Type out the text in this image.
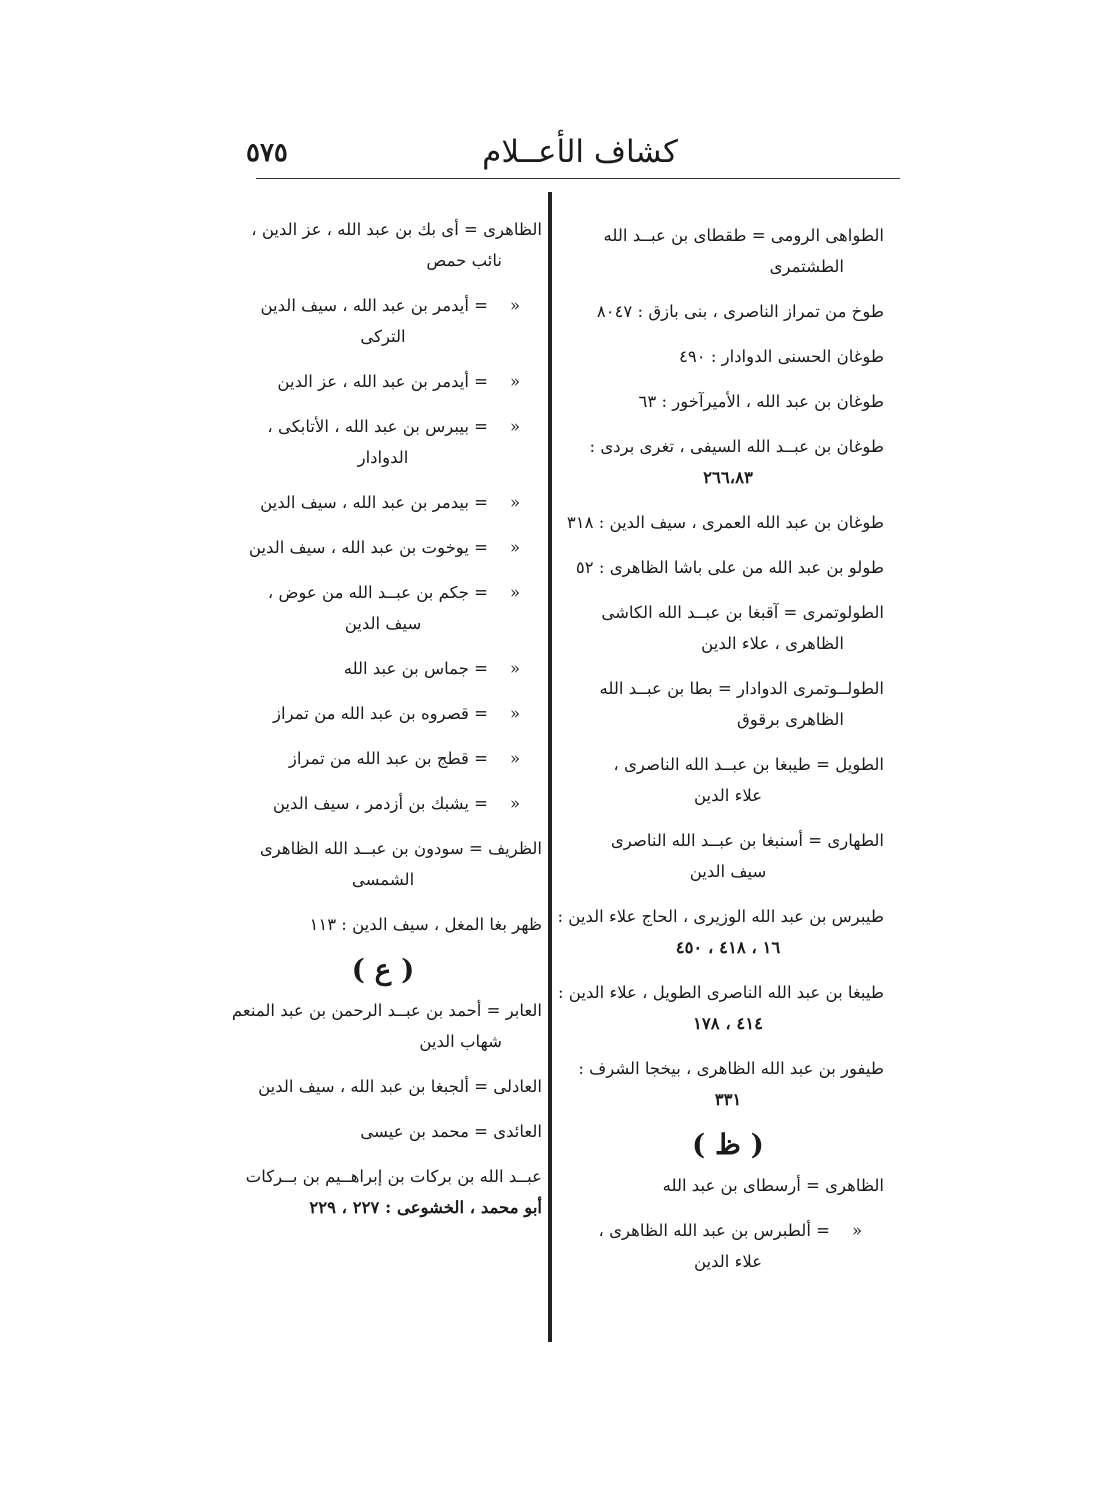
كشاف الأعــلام
٥٧٥
الطواهى الرومى = طقطاى بن عبــد الله
الطشتمرى
طوخ من تمراز الناصرى ، بنى بازق : ٨٠٤٧
طوغان الحسنى الدوادار : ٤٩٠
طوغان بن عبد الله ، الأميرآخور : ٦٣
طوغان بن عبــد الله السيفى ، تغرى بردى :
٢٦٦،٨٣
طوغان بن عبد الله العمرى ، سيف الدين : ٣١٨
طولو بن عبد الله من على باشا الظاهرى : ٥٢
الطولوتمرى = آقبغا بن عبــد الله الكاشى
الظاهرى ، علاء الدين
الطولــوتمرى الدوادار = بطا بن عبــد الله
الظاهرى برقوق
الطويل = طيبغا بن عبــد الله الناصرى ،
علاء الدين
الطهارى = أسنبغا بن عبــد الله الناصرى
سيف الدين
طيبرس بن عبد الله الوزيرى ، الحاج علاء الدين :
١٦ ، ٤١٨ ، ٤٥٠
طيبغا بن عبد الله الناصرى الطويل ، علاء الدين :
٤١٤ ، ١٧٨
طيفور بن عبد الله الظاهرى ، بيخجا الشرف :
٣٣١
( ظ )
الظاهرى = أرسطاى بن عبد الله
«
= ألطبرس بن عبد الله الظاهرى ،
علاء الدين
الظاهرى = أى بك بن عبد الله ، عز الدين ،
نائب حمص
«
= أيدمر بن عبد الله ، سيف الدين
التركى
«
= أيدمر بن عبد الله ، عز الدين
«
= بيبرس بن عبد الله ، الأتابكى ،
الدوادار
«
= بيدمر بن عبد الله ، سيف الدين
«
= يوخوت بن عبد الله ، سيف الدين
«
= جكم بن عبــد الله من عوض ،
سيف الدين
«
= جماس بن عبد الله
«
= قصروه بن عبد الله من تمراز
«
= قطج بن عبد الله من تمراز
«
= يشبك بن أزدمر ، سيف الدين
الظريف = سودون بن عبــد الله الظاهرى
الشمسى
ظهر بغا المغل ، سيف الدين : ١١٣
( ع )
العابر = أحمد بن عبــد الرحمن بن عبد المنعم
شهاب الدين
العادلى = ألجبغا بن عبد الله ، سيف الدين
العائدى = محمد بن عيسى
عبــد الله بن بركات بن إبراهــيم بن بــركات
أبو محمد ، الخشوعى : ٢٢٧ ، ٢٢٩
